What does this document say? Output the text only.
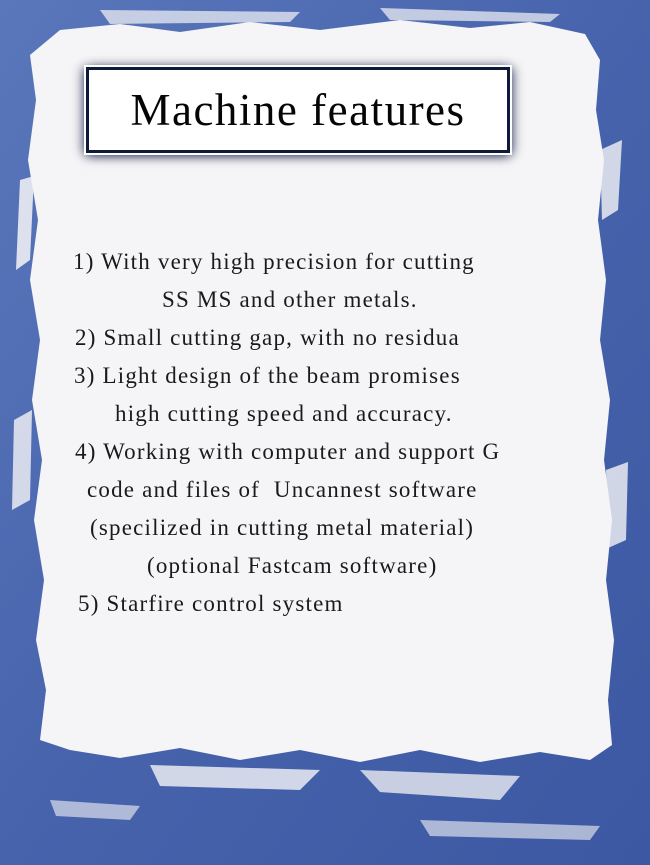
Machine features
1) With very high precision for cutting
SS MS and other metals.
2) Small cutting gap, with no residua
3) Light design of the beam promises
high cutting speed and accuracy.
4) Working with computer and support G
code and files of  Uncannest software
(specilized in cutting metal material)
(optional Fastcam software)
5) Starfire control system
